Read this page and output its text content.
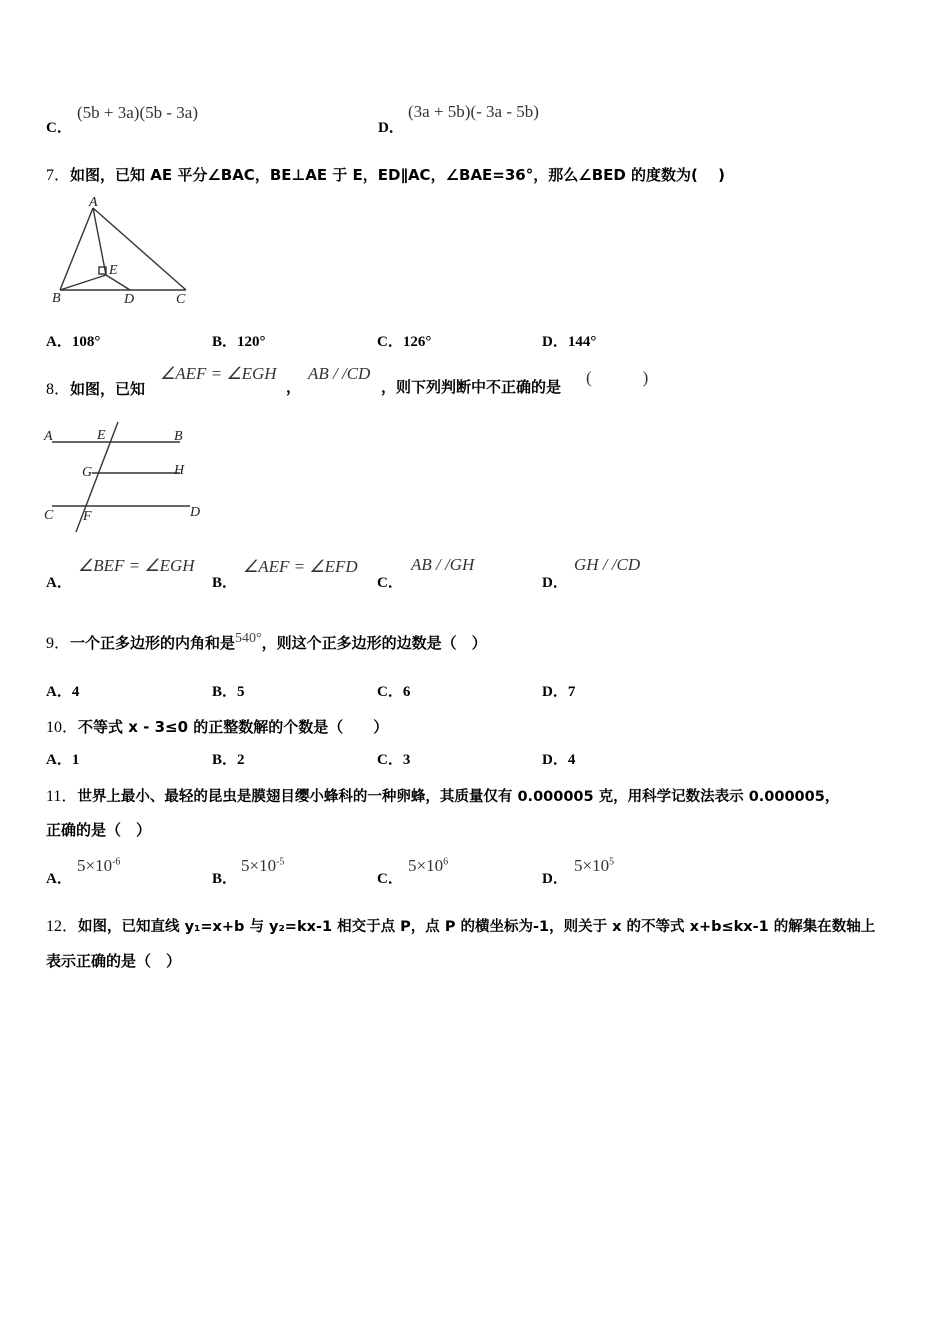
C．
(5b + 3a)(5b - 3a)
D．
(3a + 5b)(- 3a - 5b)
7．如图，已知 AE 平分∠BAC，BE⊥AE 于 E，ED∥AC，∠BAE=36°，那么∠BED 的度数为(　 )
A
E
B	D	C
A．108°	B．120°	C．126°	D．144°
8．如图，已知
∠AEF = ∠EGH
，
AB / /CD
，则下列判断中不正确的是 (　　　)
A	E	B
G	H
C F	D
A．
∠BEF = ∠EGH
B．
∠AEF = ∠EFD
C．
AB / /GH
D．
GH / /CD
9．一个正多边形的内角和是540°，则这个正多边形的边数是（　）
A．4	B．5	C．6	D．7
10．不等式 x - 3≤0 的正整数解的个数是（　　）
A．1	B．2	C．3	D．4
11．世界上最小、最轻的昆虫是膜翅目缨小蜂科的一种卵蜂，其质量仅有 0.000005 克，用科学记数法表示 0.000005，
正确的是（　）
A．
$5\times 10^{-6}$
B．
$5\times 10^{-5}$
C．
$5\times 10^6$
D．
$5\times 10^5$
12．如图，已知直线 y₁=x+b 与 y₂=kx-1 相交于点 P，点 P 的横坐标为-1，则关于 x 的不等式 x+b≤kx-1 的解集在数轴上
表示正确的是（　）
